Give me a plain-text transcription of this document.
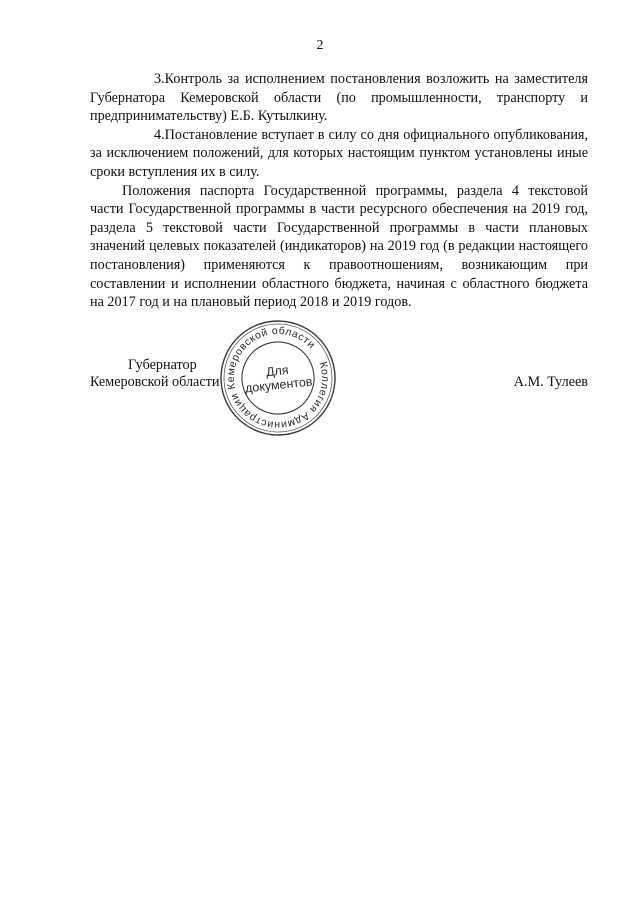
2

3.Контроль за исполнением постановления возложить на заместителя Губернатора Кемеровской области (по промышленности, транспорту и предпринимательству) Е.Б. Кутылкину.

4.Постановление вступает в силу со дня официального опубликования, за исключением положений, для которых настоящим пунктом установлены иные сроки вступления их в силу.

Положения паспорта Государственной программы, раздела 4 текстовой части Государственной программы в части ресурсного обеспечения на 2019 год, раздела 5 текстовой части Государственной программы в части плановых значений целевых показателей (индикаторов) на 2019 год (в редакции настоящего постановления) применяются к правоотношениям, возникающим при составлении и исполнении областного бюджета, начиная с областного бюджета на 2017 год и на плановый период 2018 и 2019 годов.

Губернатор
Кемеровской области
Коллегия Администрации Кемеровской области
Для
документов	А.М. Тулеев
